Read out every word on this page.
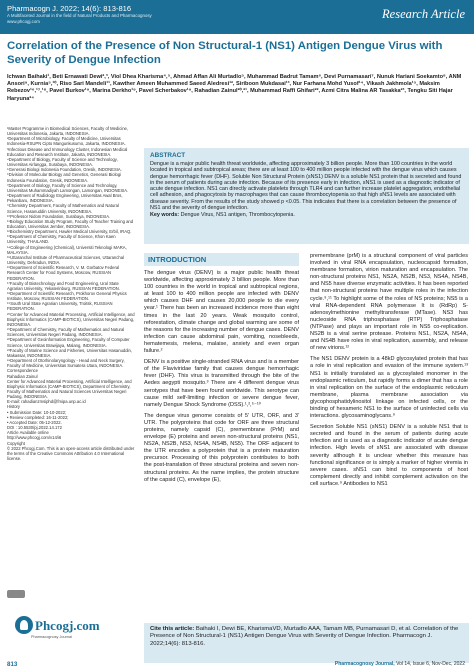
Pharmacogn J. 2022; 14(6): 813-816
A Multifaceted Journal in the field of Natural Products and Pharmacognosy
www.phcogj.com
Research Article
Correlation of the Presence of Non Structural-1 (NS1) Antigen Dengue Virus with Severity of Dengue Infection
Ichwan Baihaki¹, Beti Ernawati Dewi²,³, Viol Dhea Kharisma⁴,⁵, Ahmad Affan Ali Murtadlo⁵, Muhammad Badrut Tamam⁶, Devi Purnamasari⁷, Nunuk Hariani Soekamto⁸, ANM Ansori⁹, Kurnia⁵,¹⁰, Riso Sari Mandeli¹¹, Kawther Ameen Muhammed Saeed Aledresi¹², Siriboon Mukdasai¹³, Nur Farhana Mohd Yusof¹⁴, Vikash Jakhmola¹⁵, Maksim Rebezov¹⁶,¹⁷,¹⁸, Pavel Burkov¹⁹, Marina Derkho¹⁹, Pavel Scherbakov¹⁹, Rahadian Zainul²⁰,²¹, Muhammad Raffi Ghifari²², Azmi Citra Malina AR Tasakka²³, Tengku Siti Hajar Haryuna²⁴

¹Master Programme in Biomedical Sciences, Faculty of Medicine, Universitas Indonesia, Jakarta, INDONESIA.

²Department of Microbiology, Faculty of Medicine, Universitas Indonesia-RSUPN Cipto Mangunkusumo, Jakarta, INDONESIA.

³Infectious Disease and Immunology Cluster, Indonesian Medical Education and Research Institute, Jakarta, INDONESIA.

⁴Department of Biology, Faculty of Science and Technology, Universitas Airlangga, Surabaya, INDONESIA.

⁵Generasi Biologi Indonesia Foundation, Gresik, INDONESIA.

⁶Division of Molecular Biology and Genetics, Generasi Biologi Indonesia Foundation, Gresik, INDONESIA.

⁷Department of Biology, Faculty of Science and Technology, Universitas Muhammadiyah Lamongan, Lamongan, INDONESIA.

⁸Department of Radiology Engineering, Universitas Awal Bros, Pekanbaru, INDONESIA.

⁹Chemistry Department, Faculty of Mathematics and Natural Science, Hasanuddin University, INDONESIA.

¹⁰Professor Nidom Foundation, Surabaya, INDONESIA.

¹¹Biology Education Study Program, Faculty of Teacher Training and Education, Universitas Jember, INDONESIA.

¹²Biochemistry Department, Hawler Medical University, Erbil, IRAQ.

¹³Department of Chemistry, Faculty of Science, Khon Kaen University, THAILAND.

¹⁴College of Engineering (Chemical), Universiti Teknologi MARA, MALAYSIA.

¹⁵Uttaranchal Institute of Pharmaceutical Sciences, Uttaranchal University, Dehradun, INDIA.

¹⁶Department of Scientific Research, V. M. Gorbatov Federal Research Center for Food Systems, Moscow, RUSSIAN FEDERATION.

¹⁷Faculty of Biotechnology and Food Engineering, Ural State Agrarian University, Yekaterinburg, RUSSIAN FEDERATION.

¹⁸Department of Scientific Research, Prokhorov General Physics Institute, Moscow, RUSSIAN FEDERATION.

¹⁹South Ural State Agrarian University, Troitsk, RUSSIAN FEDERATION.

²⁰Center for Advanced Material Processing, Artificial Intelligence, and Biophysic Informatics (CAMP-BIOTICS), Universitas Negeri Padang, INDONESIA.

²¹Department of Chemistry, Faculty of Mathematics and Natural Sciences, Universitas Negeri Padang, INDONESIA.

²²Department of Geoinformation Engineering, Faculty of Computer Science, Universitas Brawijaya, Malang, INDONESIA.

²³Faculty of Marine Science and Fisheries, Universitas Hasanuddin, Makassar, INDONESIA.

²⁴Department of Otorhinolaryngology - Head and Neck Surgery, Faculty of Medicine, Universitas Sumatera Utara, INDONESIA.

Correspondence

Rahadian Zainul

Center for Advanced Material Processing, Artificial Intelligence, and Biophysic Informatics (CAMP-BIOTICS), Department of Chemistry, Faculty of Mathematics and Natural Sciences Universitas Negeri Padang, INDONESIA.

E-mail: rahadianzmsiphd@fmipa.unp.ac.id

History

• Submission Date: 10-10-2022;

• Review completed: 16-11-2022;

• Accepted Date: 05-12-2022.

DOI : 10.5530/pj.2022.14.172

Article Available online

http://www.phcogj.com/v14/i6

Copyright

© 2022 Phcogj.Com. This is an open-access article distributed under the terms of the Creative Commons Attribution 4.0 International license.

Phcogj.com
Pharmacognosy Journal
ABSTRACT

Dengue is a major public health threat worldwide, affecting approximately 3 billion people. More than 100 countries in the world located in tropical and subtropical areas; there are at least 100 to 400 million people infected with the dengue virus which causes dengue hemorrhagic fever (DHF). Soluble Non Structural Protein (sNS1) DENV is a soluble NS1 protein that is secreted and found in the serum of patients during acute infection. Because of its presence early in infection, sNS1 is used as a diagnostic indicator of acute dengue infection. NS1 can directly activate platelets through TLR4 and can further increase platelet aggregation, endothelial cell adhesion, and phagocytosis by macrophages that can cause thrombocytopenia so that high sNS1 levels are associated with disease severity. From the results of the study showed p <0.05. This indicates that there is a correlation between the presence of NS1 and the severity of dengue infection.

Key words: Dengue Virus, NS1 antigen, Thrombocytopenia.

INTRODUCTION

The dengue virus (DENV) is a major public health threat worldwide, affecting approximately 3 billion people. More than 100 countries in the world in tropical and subtropical regions, at least 100 to 400 million people are infected with DENV which causes DHF and causes 20,000 people to die every year.¹ There has been an increased incidence more than eight times in the last 20 years. Weak mosquito control, reforestation, climate change and global warming are some of the reasons for the increasing number of dengue cases. DENV infection can cause abdominal pain, vomiting, nosebleeds, hematemesis, melena, malaise, anxiety and even organ failure.²

DENV is a positive single-stranded RNA virus and is a member of the Flaviviridae family that causes dengue hemorrhagic fever (DHF). This virus is transmitted through the bite of the Aedes aegypti mosquito.³ There are 4 different dengue virus serotypes that have been found worldwide. This serotype can cause mild self-limiting infection or severe dengue fever, namely Dengue Shock Syndrome (DSS).¹,²,⁵⁻¹⁰

The dengue virus genome consists of 5' UTR, ORF, and 3' UTR. The polyproteins that code for ORF are three structural proteins, namely capsid (C), premembrane (PrM) and envelope (E) proteins and seven non-structural proteins (NS1, NS2A, NS2B, NS3, NS4A, NS4B, NS5). The ORF adjacent to the UTR encodes a polyprotein that is a protein maturation precursor. Processing of this polyprotein contributes to both the post-translation of three structural proteins and seven non-structural proteins. As the name implies, the protein structure of the capsid (C), envelope (E),

premembrane (prM) is a structural component of viral particles involved in viral RNA encapsulation, nucleocapsid formation, membrane formation, virion maturation and encapsulation. The non-structural proteins NS1, NS2A, NS2B, NS3, NS4A, NS4B, and NS5 have diverse enzymatic activities. It has been reported that non-structural proteins have multiple roles in the infection cycle.⁹,¹¹ To highlight some of the roles of NS proteins; NS5 is a viral RNA-dependent RNA polymerase It is (RdRp) S-adenosylmethionine methyltransferase (MTase). NS3 has nucleoside RNA triphosphatase (RTP) Triphosphatase (NTPase) and plays an important role in NS5 co-replication. NS2B is a viral serine protease. Proteins NS1, NS2A, NS4A, and NS4B have roles in viral replication, assembly, and release of new virions.¹²

The NS1 DENV protein is a 48kD glycosylated protein that has a role in viral replication and evasion of the immune system.¹³ NS1 is initially translated as a glycosylated monomer in the endoplasmic reticulum, but rapidly forms a dimer that has a role in viral replication on the surface of the endoplasmic reticulum membrane, plasma membrane association via glycophosphatidylinositol linkage on infected cells, or the binding of hexameric NS1 to the surface of uninfected cells via interactions. glycosaminoglycans.⁹

Secretion Soluble NS1 (sNS1) DENV is a soluble NS1 that is secreted and found in the serum of patients during acute infection and is used as a diagnostic indicator of acute dengue infection. High levels of sNS1 are associated with disease severity although it is unclear whether this measure has functional significance or is simply a marker of higher viremia in severe cases. sNS1 can bind to components of host complement directly and inhibit complement activation on the cell surface.⁹ Antibodies to NS1

Cite this article: Baihaki I, Dewi BE, KharismaVD, Murtadlo AAA, Tamam MB, Purnamasari D, et al. Correlation of the Presence of Non Structural-1 (NS1) Antigen Dengue Virus with Severity of Dengue Infection. Pharmacogn J. 2022;14(6): 813-816.
813	Pharmacognosy Journal, Vol 14, Issue 6, Nov-Dec, 2022
